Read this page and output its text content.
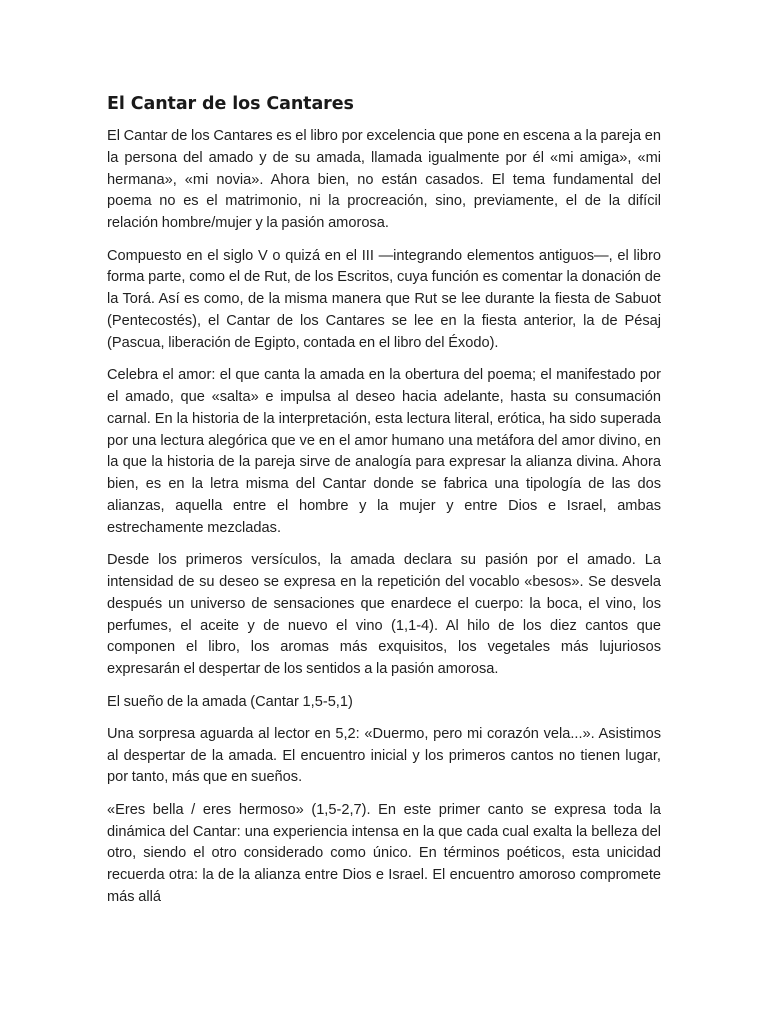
El Cantar de los Cantares

El Cantar de los Cantares es el libro por excelencia que pone en escena a la pareja en la persona del amado y de su amada, llamada igualmente por él «mi amiga», «mi hermana», «mi novia». Ahora bien, no están casados. El tema fundamental del poema no es el matrimonio, ni la procreación, sino, previamente, el de la difícil relación hombre/mujer y la pasión amorosa.

Compuesto en el siglo V o quizá en el III —integrando elementos antiguos—, el libro forma parte, como el de Rut, de los Escritos, cuya función es comentar la donación de la Torá. Así es como, de la misma manera que Rut se lee durante la fiesta de Sabuot (Pentecostés), el Cantar de los Cantares se lee en la fiesta anterior, la de Pésaj (Pascua, liberación de Egipto, contada en el libro del Éxodo).

Celebra el amor: el que canta la amada en la obertura del poema; el manifestado por el amado, que «salta» e impulsa al deseo hacia adelante, hasta su consumación carnal. En la historia de la interpretación, esta lectura literal, erótica, ha sido superada por una lectura alegórica que ve en el amor humano una metáfora del amor divino, en la que la historia de la pareja sirve de analogía para expresar la alianza divina. Ahora bien, es en la letra misma del Cantar donde se fabrica una tipología de las dos alianzas, aquella entre el hombre y la mujer y entre Dios e Israel, ambas estrechamente mezcladas.

Desde los primeros versículos, la amada declara su pasión por el amado. La intensidad de su deseo se expresa en la repetición del vocablo «besos». Se desvela después un universo de sensaciones que enardece el cuerpo: la boca, el vino, los perfumes, el aceite y de nuevo el vino (1,1-4). Al hilo de los diez cantos que componen el libro, los aromas más exquisitos, los vegetales más lujuriosos expresarán el despertar de los sentidos a la pasión amorosa.

El sueño de la amada (Cantar 1,5-5,1)

Una sorpresa aguarda al lector en 5,2: «Duermo, pero mi corazón vela...». Asistimos al despertar de la amada. El encuentro inicial y los primeros cantos no tienen lugar, por tanto, más que en sueños.

«Eres bella / eres hermoso» (1,5-2,7). En este primer canto se expresa toda la dinámica del Cantar: una experiencia intensa en la que cada cual exalta la belleza del otro, siendo el otro considerado como único. En términos poéticos, esta unicidad recuerda otra: la de la alianza entre Dios e Israel. El encuentro amoroso compromete más allá
